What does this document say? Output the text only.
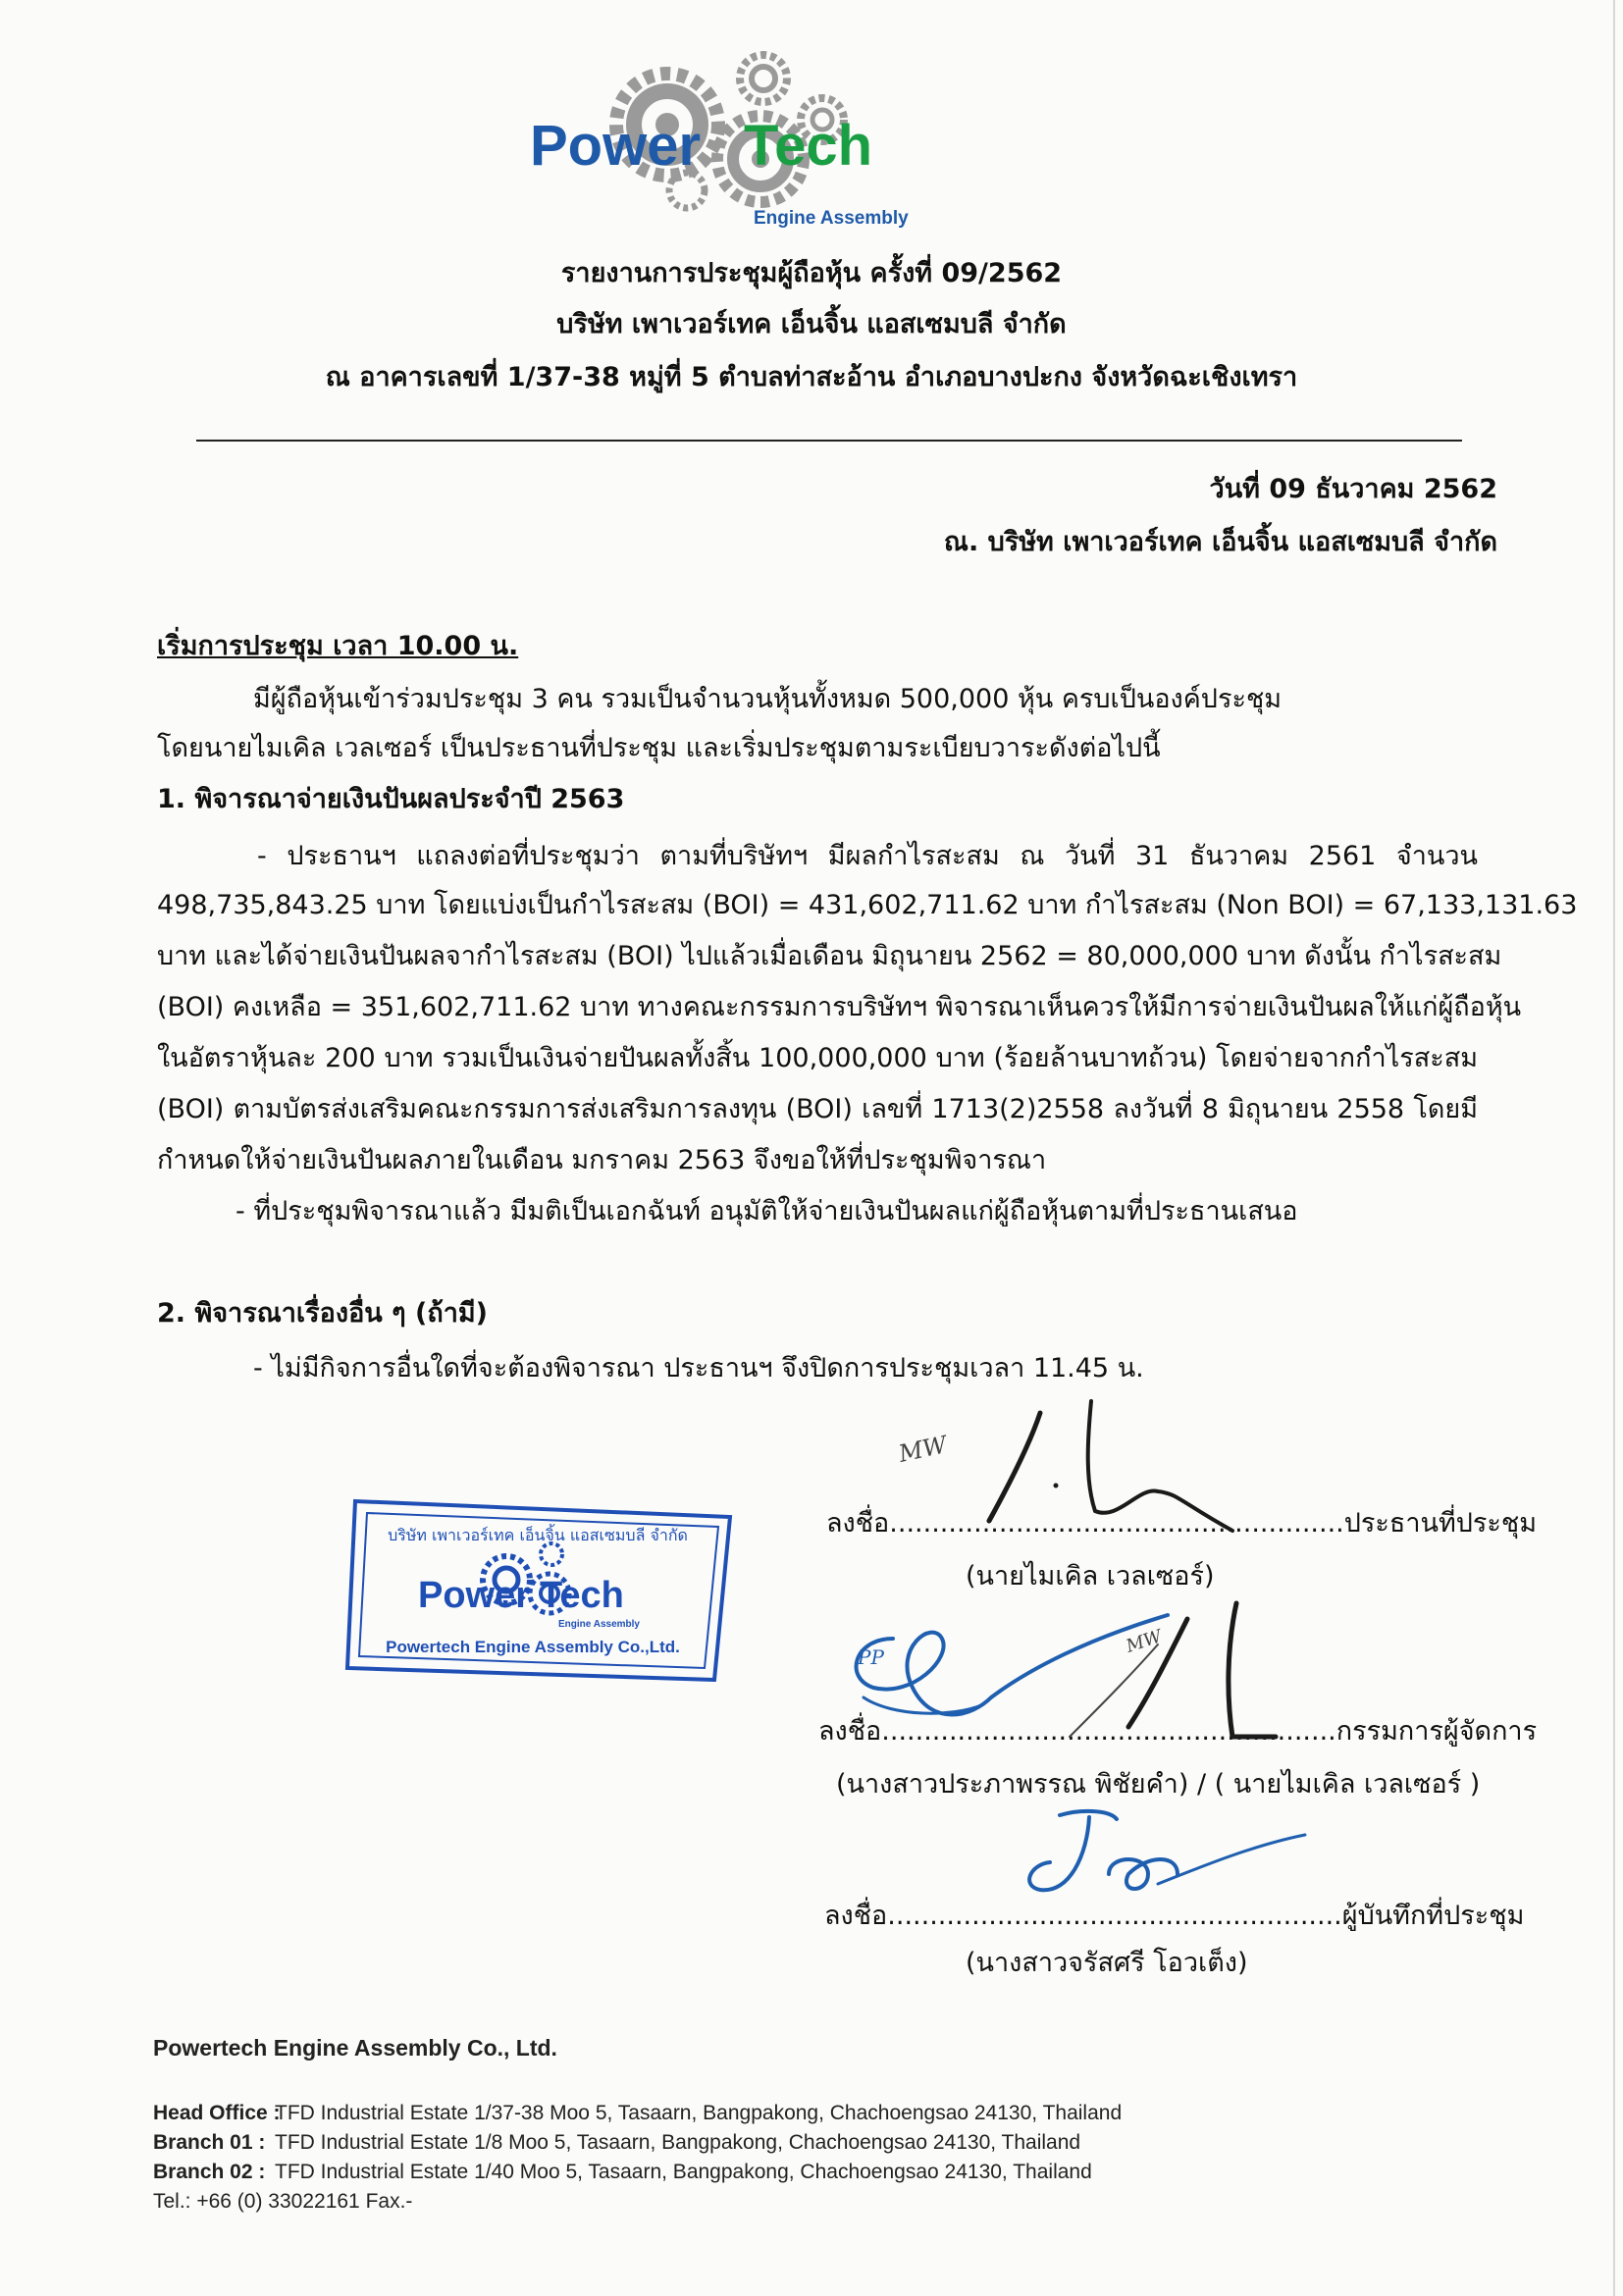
Power Tech
Engine Assembly
รายงานการประชุมผู้ถือหุ้น ครั้งที่ 09/2562
บริษัท เพาเวอร์เทค เอ็นจิ้น แอสเซมบลี จำกัด
ณ อาคารเลขที่ 1/37-38 หมู่ที่ 5 ตำบลท่าสะอ้าน อำเภอบางปะกง จังหวัดฉะเชิงเทรา
วันที่ 09 ธันวาคม 2562
ณ. บริษัท เพาเวอร์เทค เอ็นจิ้น แอสเซมบลี จำกัด
เริ่มการประชุม เวลา 10.00 น.
มีผู้ถือหุ้นเข้าร่วมประชุม 3 คน รวมเป็นจำนวนหุ้นทั้งหมด 500,000 หุ้น ครบเป็นองค์ประชุม
โดยนายไมเคิล เวลเซอร์ เป็นประธานที่ประชุม และเริ่มประชุมตามระเบียบวาระดังต่อไปนี้
1. พิจารณาจ่ายเงินปันผลประจำปี 2563
- ประธานฯ แถลงต่อที่ประชุมว่า ตามที่บริษัทฯ มีผลกำไรสะสม ณ วันที่ 31 ธันวาคม 2561 จำนวน
498,735,843.25 บาท โดยแบ่งเป็นกำไรสะสม (BOI) = 431,602,711.62 บาท กำไรสะสม (Non BOI) = 67,133,131.63
บาท และได้จ่ายเงินปันผลจากำไรสะสม (BOI) ไปแล้วเมื่อเดือน มิถุนายน 2562 = 80,000,000 บาท ดังนั้น กำไรสะสม
(BOI) คงเหลือ = 351,602,711.62 บาท ทางคณะกรรมการบริษัทฯ พิจารณาเห็นควรให้มีการจ่ายเงินปันผลให้แก่ผู้ถือหุ้น
ในอัตราหุ้นละ 200 บาท รวมเป็นเงินจ่ายปันผลทั้งสิ้น 100,000,000 บาท (ร้อยล้านบาทถ้วน) โดยจ่ายจากกำไรสะสม
(BOI) ตามบัตรส่งเสริมคณะกรรมการส่งเสริมการลงทุน (BOI) เลขที่ 1713(2)2558 ลงวันที่ 8 มิถุนายน 2558 โดยมี
กำหนดให้จ่ายเงินปันผลภายในเดือน มกราคม 2563 จึงขอให้ที่ประชุมพิจารณา
- ที่ประชุมพิจารณาแล้ว มีมติเป็นเอกฉันท์ อนุมัติให้จ่ายเงินปันผลแก่ผู้ถือหุ้นตามที่ประธานเสนอ
2. พิจารณาเรื่องอื่น ๆ (ถ้ามี)
- ไม่มีกิจการอื่นใดที่จะต้องพิจารณา ประธานฯ จึงปิดการประชุมเวลา 11.45 น.
บริษัท เพาเวอร์เทค เอ็นจิ้น แอสเซมบลี จำกัด
Power Tech
Engine Assembly
Powertech Engine Assembly Co.,Ltd.
ลงชื่อ......................................................ประธานที่ประชุม
(นายไมเคิล เวลเซอร์)
ลงชื่อ......................................................กรรมการผู้จัดการ
(นางสาวประภาพรรณ พิชัยคำ) / ( นายไมเคิล เวลเซอร์ )
ลงชื่อ......................................................ผู้บันทึกที่ประชุม
(นางสาวจรัสศรี โอวเต็ง)
MW
PP
MW
Powertech Engine Assembly Co., Ltd.
Head Office :TFD Industrial Estate 1/37-38 Moo 5, Tasaarn, Bangpakong, Chachoengsao 24130, Thailand
Branch 01 : TFD Industrial Estate 1/8 Moo 5, Tasaarn, Bangpakong, Chachoengsao 24130, Thailand
Branch 02 : TFD Industrial Estate 1/40 Moo 5, Tasaarn, Bangpakong, Chachoengsao 24130, Thailand
Tel.: +66 (0) 33022161 Fax.-
